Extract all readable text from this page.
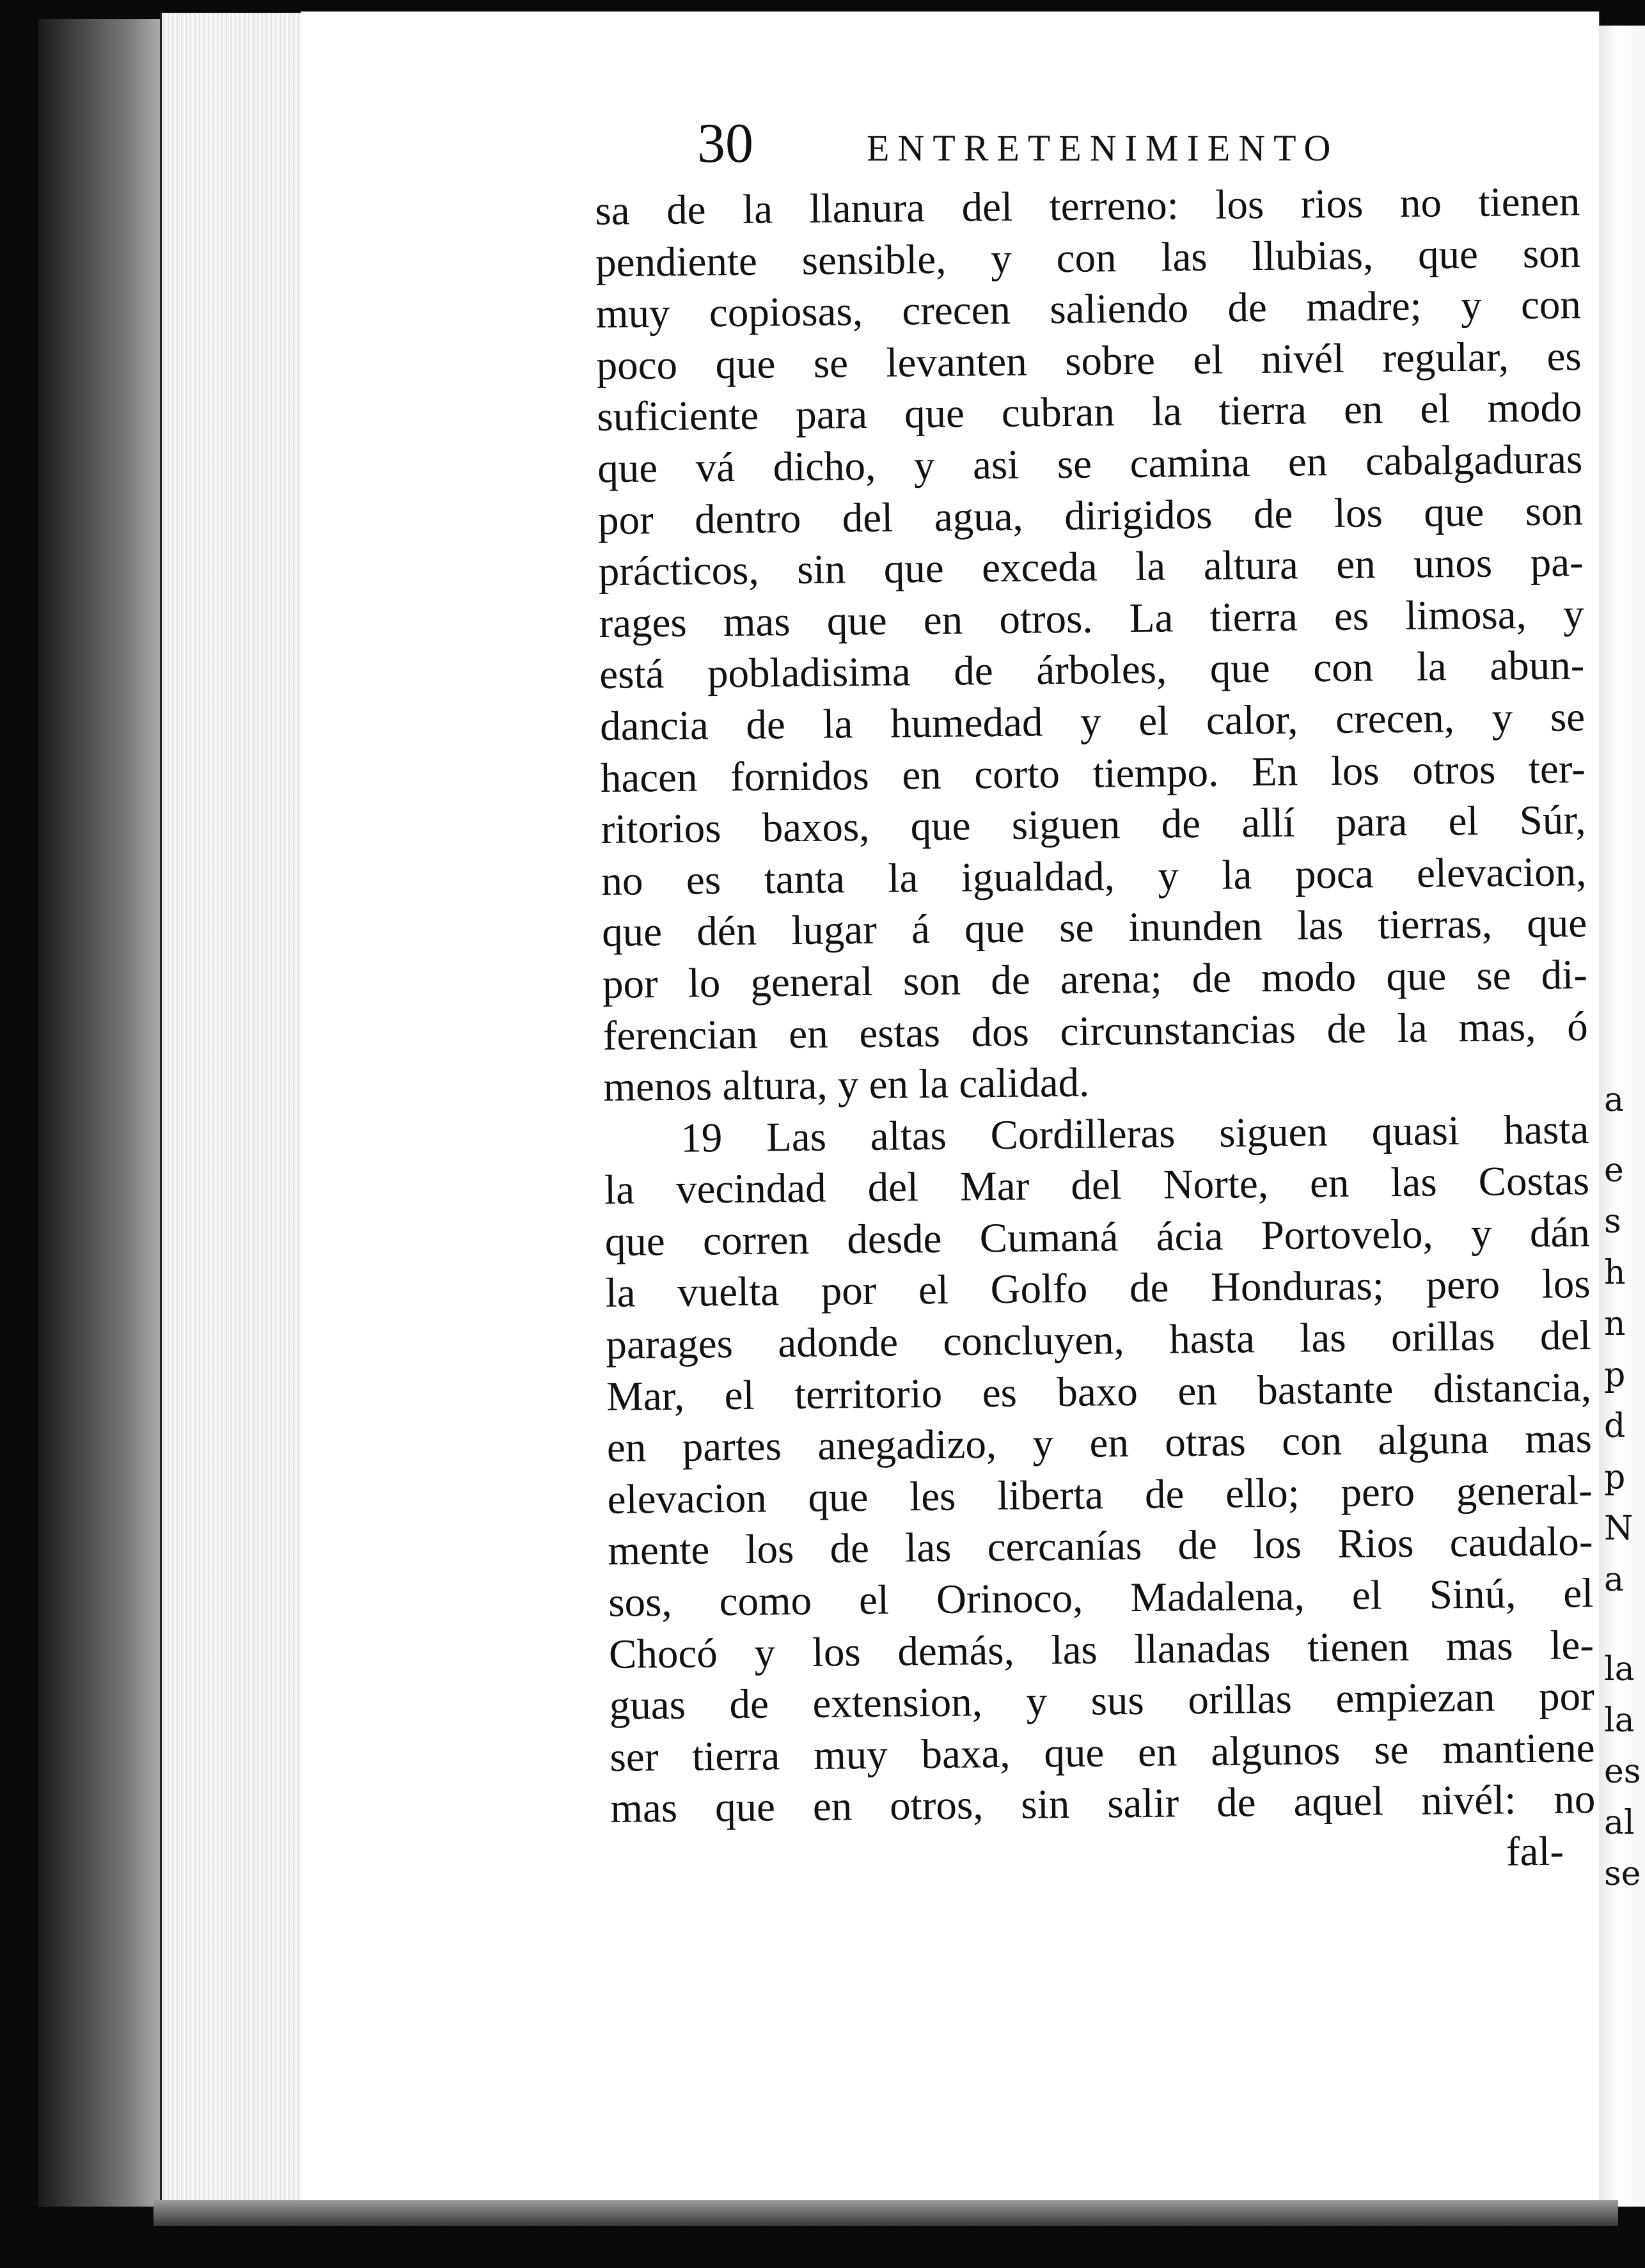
a
e
s
h
n
p
d
p
N
a
la
la
es
al
se
30	ENTRETENIMIENTO
sa de la llanura del terreno: los rios no tienen
pendiente sensible, y con las llubias, que son
muy copiosas, crecen saliendo de madre; y con
poco que se levanten sobre el nivél regular, es
suficiente para que cubran la tierra en el modo
que vá dicho, y asi se camina en cabalgaduras
por dentro del agua, dirigidos de los que son
prácticos, sin que exceda la altura en unos pa-
rages mas que en otros. La tierra es limosa, y
está pobladisima de árboles, que con la abun-
dancia de la humedad y el calor, crecen, y se
hacen fornidos en corto tiempo. En los otros ter-
ritorios baxos, que siguen de allí para el Súr,
no es tanta la igualdad, y la poca elevacion,
que dén lugar á que se inunden las tierras, que
por lo general son de arena; de modo que se di-
ferencian en estas dos circunstancias de la mas, ó
menos altura, y en la calidad.
19 Las altas Cordilleras siguen quasi hasta
la vecindad del Mar del Norte, en las Costas
que corren desde Cumaná ácia Portovelo, y dán
la vuelta por el Golfo de Honduras; pero los
parages adonde concluyen, hasta las orillas del
Mar, el territorio es baxo en bastante distancia,
en partes anegadizo, y en otras con alguna mas
elevacion que les liberta de ello; pero general-
mente los de las cercanías de los Rios caudalo-
sos, como el Orinoco, Madalena, el Sinú, el
Chocó y los demás, las llanadas tienen mas le-
guas de extension, y sus orillas empiezan por
ser tierra muy baxa, que en algunos se mantiene
mas que en otros, sin salir de aquel nivél: no
fal-
